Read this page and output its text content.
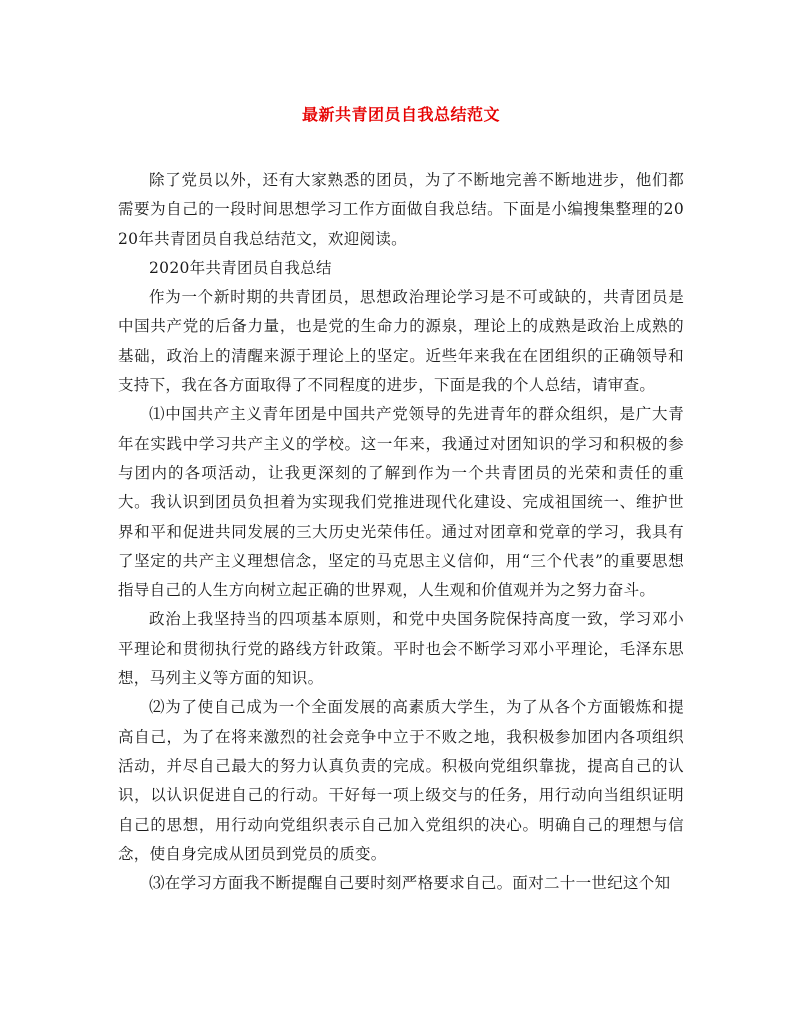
最新共青团员自我总结范文

除了党员以外，还有大家熟悉的团员，为了不断地完善不断地进步，他们都需要为自己的一段时间思想学习工作方面做自我总结。下面是小编搜集整理的2020年共青团员自我总结范文，欢迎阅读。

2020年共青团员自我总结

作为一个新时期的共青团员，思想政治理论学习是不可或缺的，共青团员是中国共产党的后备力量，也是党的生命力的源泉，理论上的成熟是政治上成熟的基础，政治上的清醒来源于理论上的坚定。近些年来我在在团组织的正确领导和支持下，我在各方面取得了不同程度的进步，下面是我的个人总结，请审查。

⑴中国共产主义青年团是中国共产党领导的先进青年的群众组织，是广大青年在实践中学习共产主义的学校。这一年来，我通过对团知识的学习和积极的参与团内的各项活动，让我更深刻的了解到作为一个共青团员的光荣和责任的重大。我认识到团员负担着为实现我们党推进现代化建设、完成祖国统一、维护世界和平和促进共同发展的三大历史光荣伟任。通过对团章和党章的学习，我具有了坚定的共产主义理想信念，坚定的马克思主义信仰，用“三个代表”的重要思想指导自己的人生方向树立起正确的世界观，人生观和价值观并为之努力奋斗。

政治上我坚持当的四项基本原则，和党中央国务院保持高度一致，学习邓小平理论和贯彻执行党的路线方针政策。平时也会不断学习邓小平理论，毛泽东思想，马列主义等方面的知识。

⑵为了使自己成为一个全面发展的高素质大学生，为了从各个方面锻炼和提高自己，为了在将来激烈的社会竞争中立于不败之地，我积极参加团内各项组织活动，并尽自己最大的努力认真负责的完成。积极向党组织靠拢，提高自己的认识，以认识促进自己的行动。干好每一项上级交与的任务，用行动向当组织证明自己的思想，用行动向党组织表示自己加入党组织的决心。明确自己的理想与信念，使自身完成从团员到党员的质变。

⑶在学习方面我不断提醒自己要时刻严格要求自己。面对二十一世纪这个知
